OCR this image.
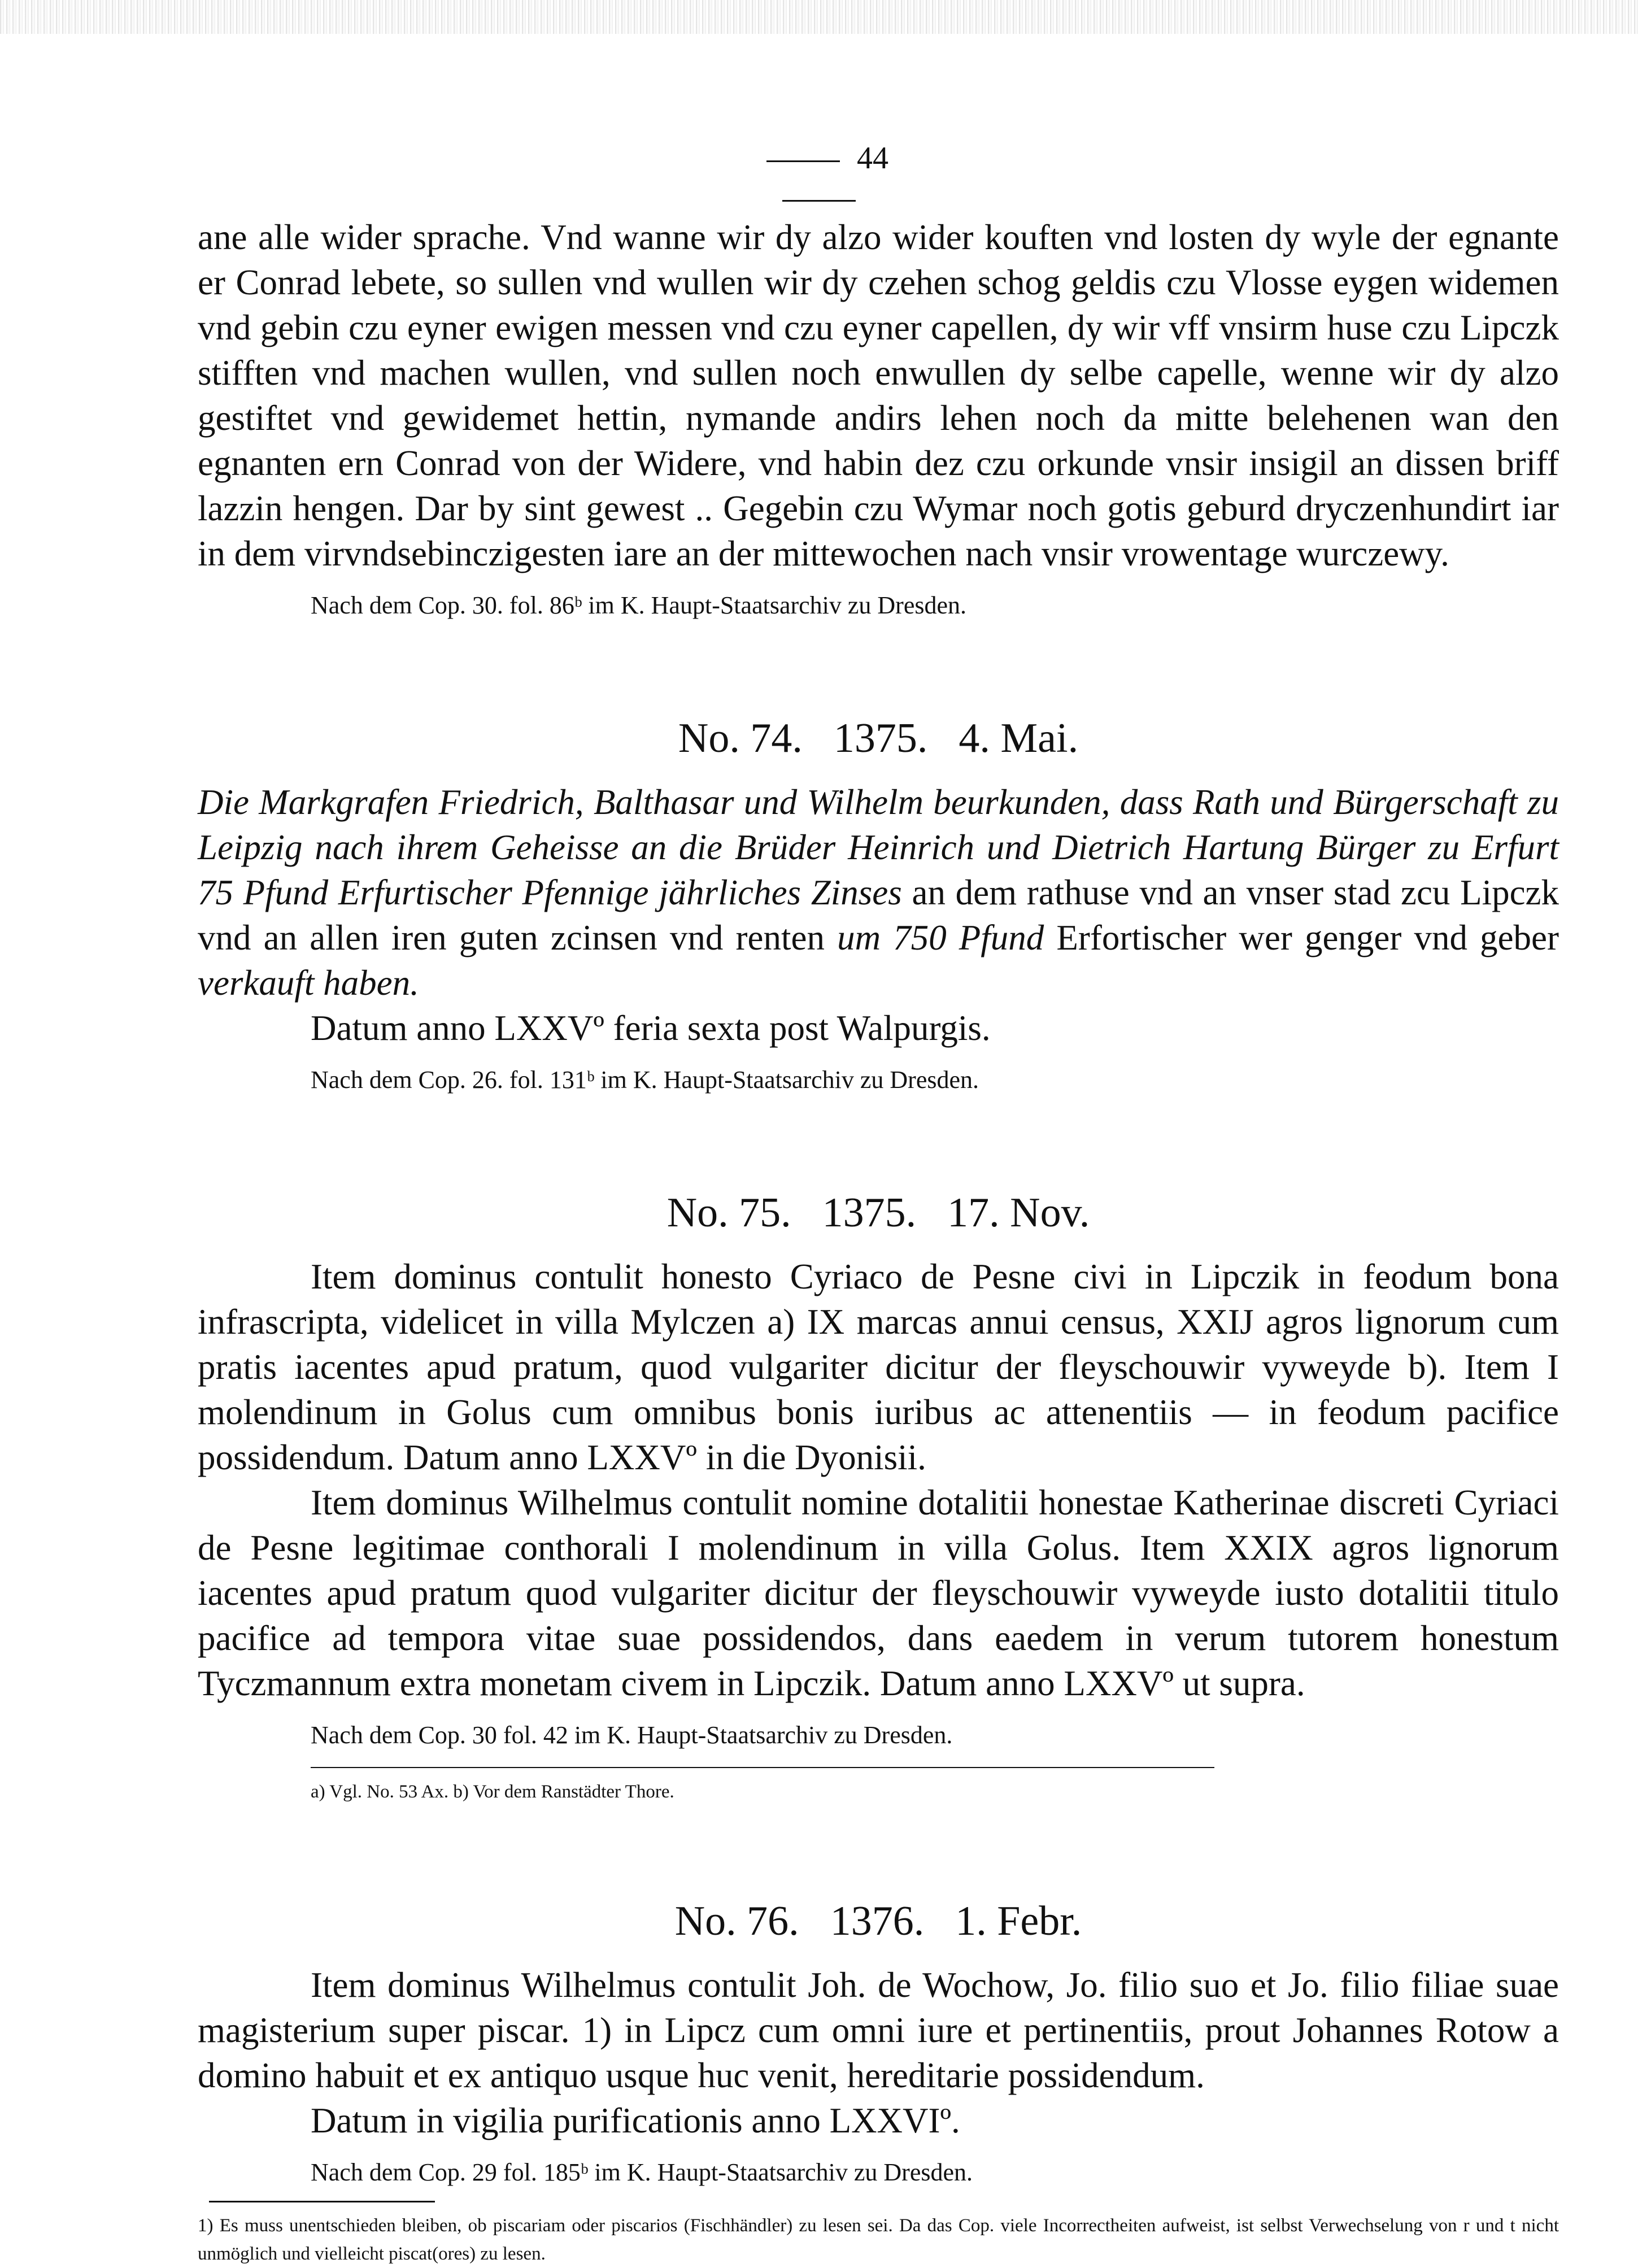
44

ane alle wider sprache. Vnd wanne wir dy alzo wider kouften vnd losten dy wyle der egnante er Conrad lebete, so sullen vnd wullen wir dy czehen schog geldis czu Vlosse eygen widemen vnd gebin czu eyner ewigen messen vnd czu eyner capellen, dy wir vff vnsirm huse czu Lipczk stifften vnd machen wullen, vnd sullen noch enwullen dy selbe capelle, wenne wir dy alzo gestiftet vnd gewidemet hettin, nymande andirs lehen noch da mitte belehenen wan den egnanten ern Conrad von der Widere, vnd habin dez czu orkunde vnsir insigil an dissen briff lazzin hengen. Dar by sint gewest .. Gegebin czu Wymar noch gotis geburd dryczenhundirt iar in dem virvndsebinczigesten iare an der mittewochen nach vnsir vrowentage wurczewy.

Nach dem Cop. 30. fol. 86ᵇ im K. Haupt-Staatsarchiv zu Dresden.

No. 74. 1375. 4. Mai.

Die Markgrafen Friedrich, Balthasar und Wilhelm beurkunden, dass Rath und Bürgerschaft zu Leipzig nach ihrem Geheisse an die Brüder Heinrich und Dietrich Hartung Bürger zu Erfurt 75 Pfund Erfurtischer Pfennige jährliches Zinses an dem rathuse vnd an vnser stad zcu Lipczk vnd an allen iren guten zcinsen vnd renten um 750 Pfund Erfortischer wer genger vnd geber verkauft haben.

Datum anno LXXVº feria sexta post Walpurgis.

Nach dem Cop. 26. fol. 131ᵇ im K. Haupt-Staatsarchiv zu Dresden.

No. 75. 1375. 17. Nov.

Item dominus contulit honesto Cyriaco de Pesne civi in Lipczik in feodum bona infrascripta, videlicet in villa Mylczen a) IX marcas annui census, XXIJ agros lignorum cum pratis iacentes apud pratum, quod vulgariter dicitur der fleyschouwir vyweyde b). Item I molendinum in Golus cum omnibus bonis iuribus ac attenentiis — in feodum pacifice possidendum. Datum anno LXXVº in die Dyonisii.

Item dominus Wilhelmus contulit nomine dotalitii honestae Katherinae discreti Cyriaci de Pesne legitimae conthorali I molendinum in villa Golus. Item XXIX agros lignorum iacentes apud pratum quod vulgariter dicitur der fleyschouwir vyweyde iusto dotalitii titulo pacifice ad tempora vitae suae possidendos, dans eaedem in verum tutorem honestum Tyczmannum extra monetam civem in Lipczik. Datum anno LXXVº ut supra.

Nach dem Cop. 30 fol. 42 im K. Haupt-Staatsarchiv zu Dresden.

a) Vgl. No. 53 Ax. b) Vor dem Ranstädter Thore.

No. 76. 1376. 1. Febr.

Item dominus Wilhelmus contulit Joh. de Wochow, Jo. filio suo et Jo. filio filiae suae magisterium super piscar. 1) in Lipcz cum omni iure et pertinentiis, prout Johannes Rotow a domino habuit et ex antiquo usque huc venit, hereditarie possidendum.

Datum in vigilia purificationis anno LXXVIº.

Nach dem Cop. 29 fol. 185ᵇ im K. Haupt-Staatsarchiv zu Dresden.

1) Es muss unentschieden bleiben, ob piscariam oder piscarios (Fischhändler) zu lesen sei. Da das Cop. viele Incorrectheiten aufweist, ist selbst Verwechselung von r und t nicht unmöglich und vielleicht piscat(ores) zu lesen.
